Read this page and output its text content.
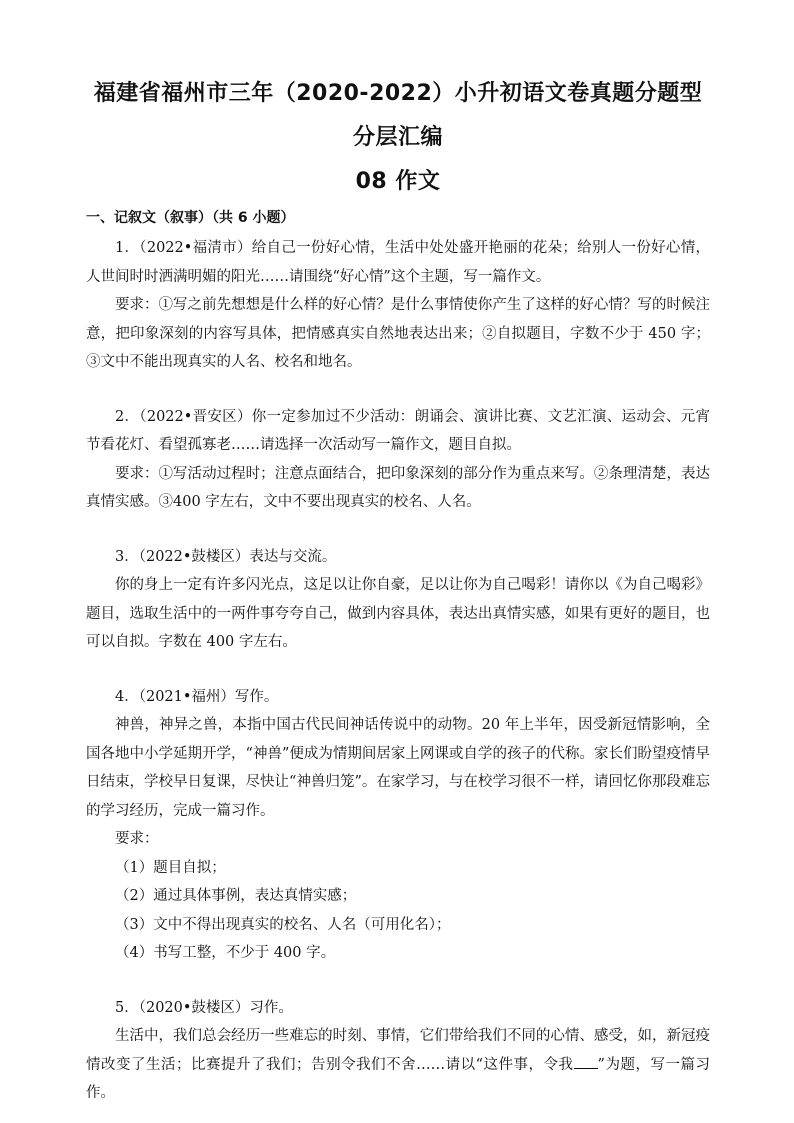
福建省福州市三年（2020-2022）小升初语文卷真题分题型分层汇编
08 作文
一、记叙文（叙事）（共 6 小题）

1．（2022•福清市）给自己一份好心情，生活中处处盛开艳丽的花朵；给别人一份好心情，人世间时时洒满明媚的阳光……请围绕“好心情”这个主题，写一篇作文。

要求：①写之前先想想是什么样的好心情？是什么事情使你产生了这样的好心情？写的时候注意，把印象深刻的内容写具体，把情感真实自然地表达出来；②自拟题目，字数不少于 450 字；③文中不能出现真实的人名、校名和地名。

2．（2022•晋安区）你一定参加过不少活动：朗诵会、演讲比赛、文艺汇演、运动会、元宵节看花灯、看望孤寡老……请选择一次活动写一篇作文，题目自拟。

要求：①写活动过程时；注意点面结合，把印象深刻的部分作为重点来写。②条理清楚，表达真情实感。③400 字左右，文中不要出现真实的校名、人名。

3．（2022•鼓楼区）表达与交流。

你的身上一定有许多闪光点，这足以让你自豪，足以让你为自己喝彩！请你以《为自己喝彩》题目，选取生活中的一两件事夸夸自己，做到内容具体，表达出真情实感，如果有更好的题目，也可以自拟。字数在 400 字左右。

4．（2021•福州）写作。

神兽，神异之兽，本指中国古代民间神话传说中的动物。20 年上半年，因受新冠情影响，全国各地中小学延期开学，“神兽”便成为情期间居家上网课或自学的孩子的代称。家长们盼望疫情早日结束，学校早日复课，尽快让“神兽归笼”。在家学习，与在校学习很不一样，请回忆你那段难忘的学习经历，完成一篇习作。

要求：

（1）题目自拟；

（2）通过具体事例，表达真情实感；

（3）文中不得出现真实的校名、人名（可用化名）；

（4）书写工整，不少于 400 字。

5．（2020•鼓楼区）习作。

生活中，我们总会经历一些难忘的时刻、事情，它们带给我们不同的心情、感受，如，新冠疫情改变了生活；比赛提升了我们；告别令我们不舍……请以“这件事，令我 ”为题，写一篇习作。
